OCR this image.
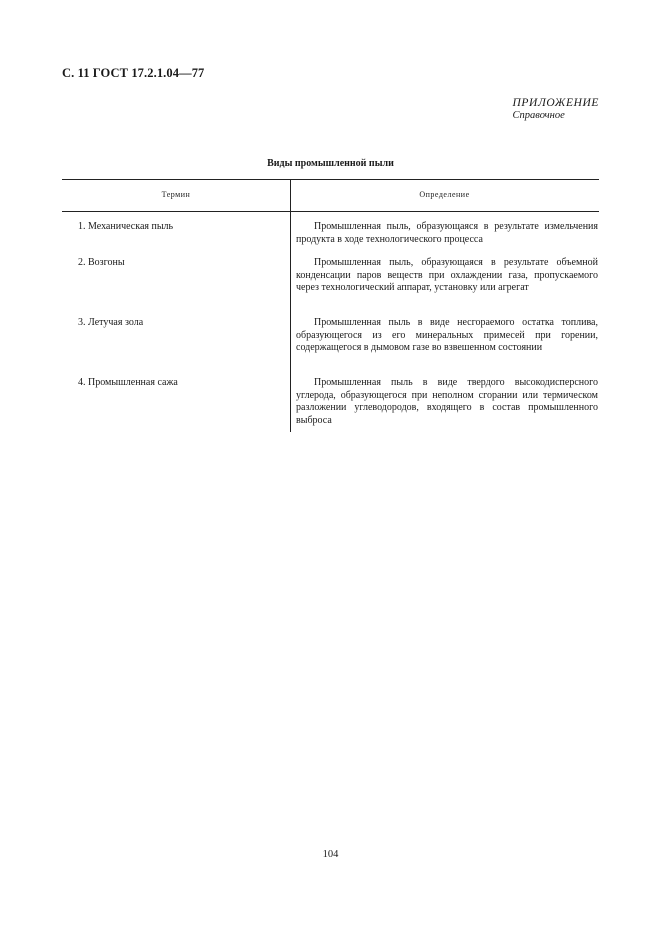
С. 11 ГОСТ 17.2.1.04—77
ПРИЛОЖЕНИЕ
Справочное
Виды промышленной пыли
Термин	Определение
1. Механическая пыль	Промышленная пыль, образующаяся в результате измельчения продукта в ходе технологического процесса
2. Возгоны	Промышленная пыль, образующаяся в результате объемной конденсации паров веществ при охлаждении газа, пропускаемого через технологический аппарат, установку или агрегат
3. Летучая зола	Промышленная пыль в виде несгораемого остатка топлива, образующегося из его минеральных примесей при горении, содержащегося в дымовом газе во взвешенном состоянии
4. Промышленная сажа	Промышленная пыль в виде твердого высокодисперсного углерода, образующегося при неполном сгорании или термическом разложении углеводородов, входящего в состав промышленного выброса
104
